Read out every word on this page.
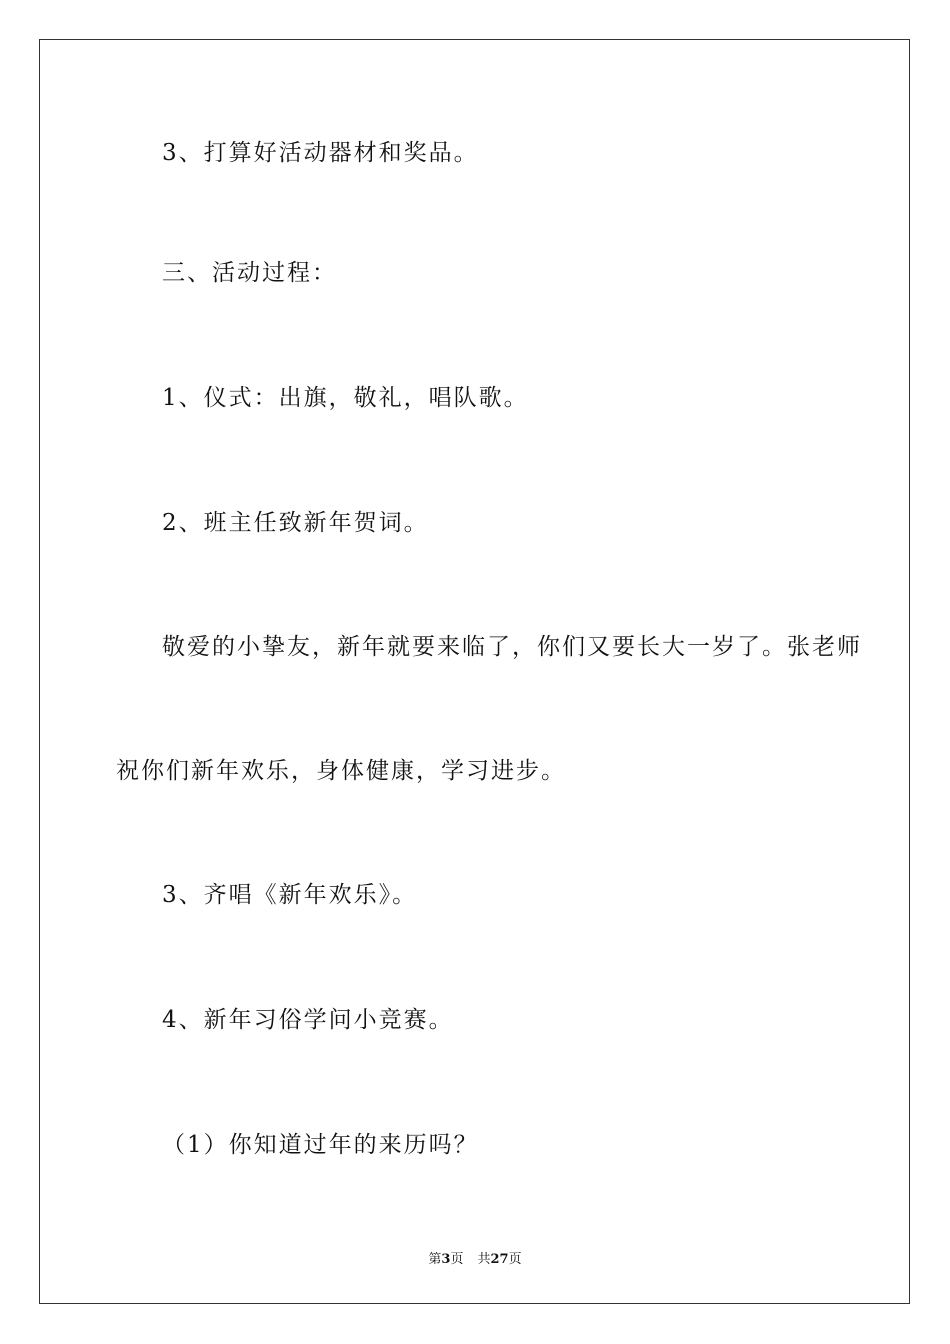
3、打算好活动器材和奖品。
三、活动过程：
1、仪式：出旗，敬礼，唱队歌。
2、班主任致新年贺词。
敬爱的小挚友，新年就要来临了，你们又要长大一岁了。张老师
祝你们新年欢乐，身体健康，学习进步。
3、齐唱《新年欢乐》。
4、新年习俗学问小竞赛。
（1）你知道过年的来历吗？
第3页 共27页
